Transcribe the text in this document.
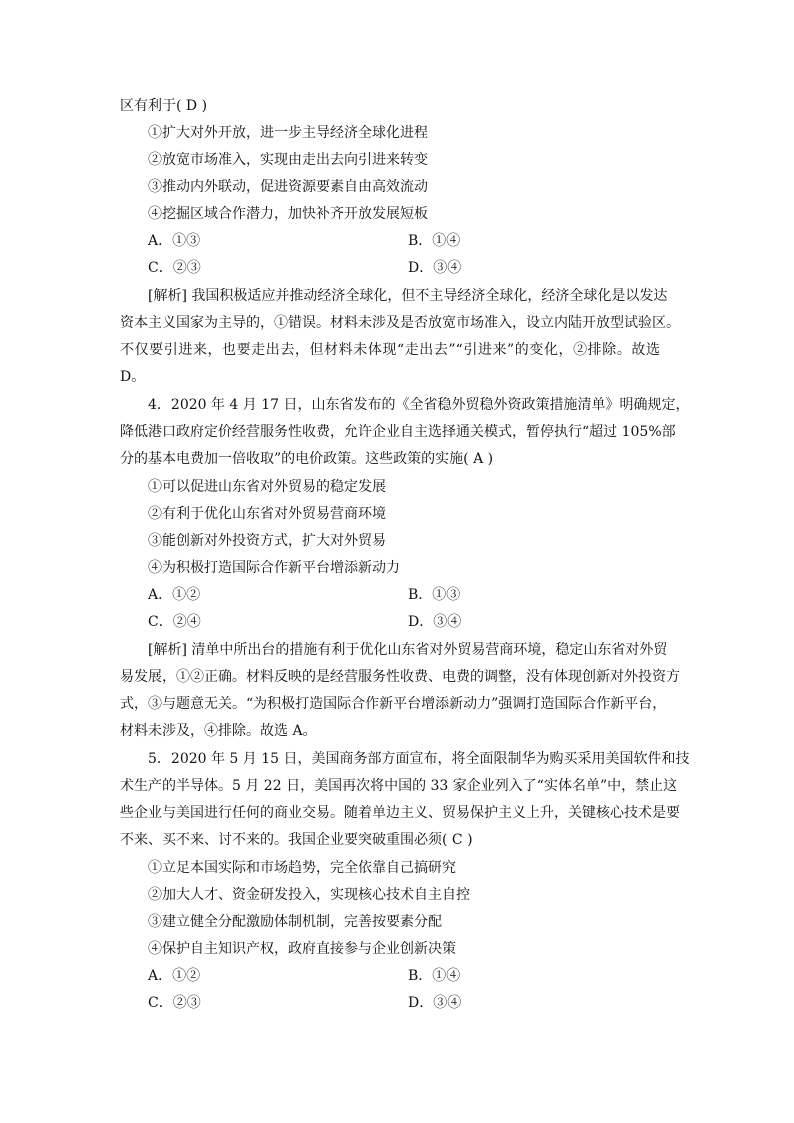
区有利于( D )
①扩大对外开放，进一步主导经济全球化进程
②放宽市场准入，实现由走出去向引进来转变
③推动内外联动，促进资源要素自由高效流动
④挖掘区域合作潜力，加快补齐开放发展短板
A．①③	B．①④
C．②③	D．③④
[解析] 我国积极适应并推动经济全球化，但不主导经济全球化，经济全球化是以发达
资本主义国家为主导的，①错误。材料未涉及是否放宽市场准入，设立内陆开放型试验区。
不仅要引进来，也要走出去，但材料未体现“走出去”“引进来”的变化，②排除。故选
D。
4．2020 年 4 月 17 日，山东省发布的《全省稳外贸稳外资政策措施清单》明确规定，
降低港口政府定价经营服务性收费，允许企业自主选择通关模式，暂停执行“超过 105%部
分的基本电费加一倍收取”的电价政策。这些政策的实施( A )
①可以促进山东省对外贸易的稳定发展
②有利于优化山东省对外贸易营商环境
③能创新对外投资方式，扩大对外贸易
④为积极打造国际合作新平台增添新动力
A．①②	B．①③
C．②④	D．③④
[解析] 清单中所出台的措施有利于优化山东省对外贸易营商环境，稳定山东省对外贸
易发展，①②正确。材料反映的是经营服务性收费、电费的调整，没有体现创新对外投资方
式，③与题意无关。“为积极打造国际合作新平台增添新动力”强调打造国际合作新平台，
材料未涉及，④排除。故选 A。
5．2020 年 5 月 15 日，美国商务部方面宣布，将全面限制华为购买采用美国软件和技
术生产的半导体。5 月 22 日，美国再次将中国的 33 家企业列入了“实体名单”中，禁止这
些企业与美国进行任何的商业交易。随着单边主义、贸易保护主义上升，关键核心技术是要
不来、买不来、讨不来的。我国企业要突破重围必须( C )
①立足本国实际和市场趋势，完全依靠自己搞研究
②加大人才、资金研发投入，实现核心技术自主自控
③建立健全分配激励体制机制，完善按要素分配
④保护自主知识产权，政府直接参与企业创新决策
A．①②	B．①④
C．②③	D．③④
